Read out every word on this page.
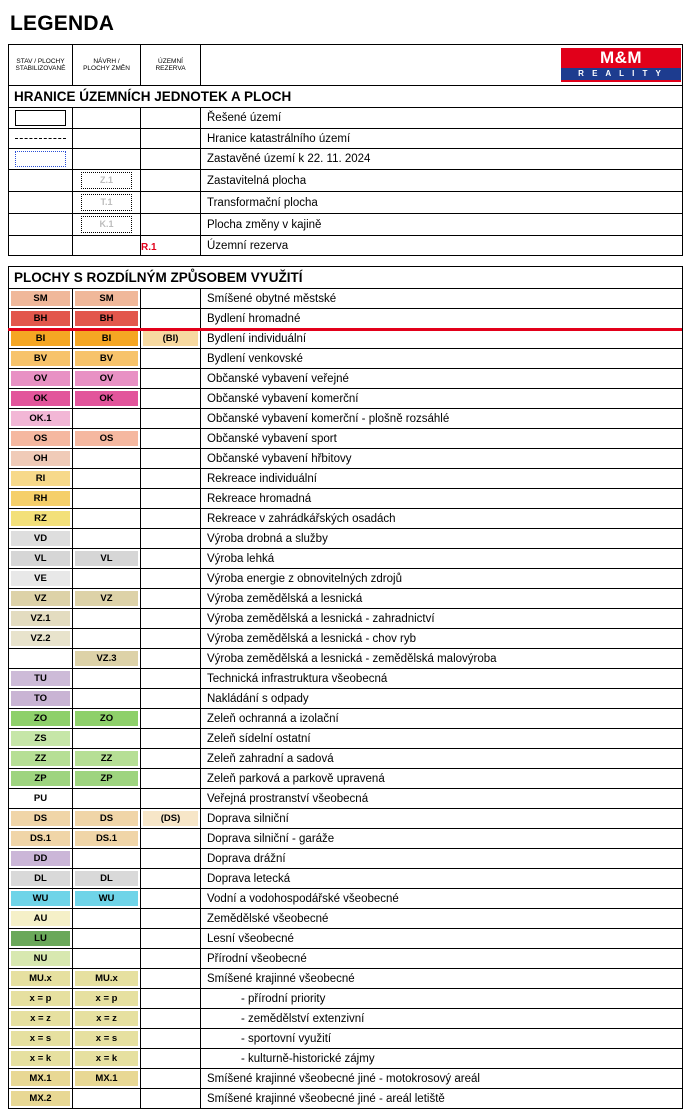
LEGENDA
STAV / PLOCHY
STABILIZOVANÉ

NÁVRH /
PLOCHY ZMĚN

ÚZEMNÍ
REZERVA

M&M
R E A L I T Y

HRANICE ÚZEMNÍCH JEDNOTEK A PLOCH			

			Řešené území

			Hranice katastrálního území

			Zastavěné území k 22. 11. 2024

	Z.1		Zastavitelná plocha

	T.1		Transformační plocha

	K.1		Plocha změny v kajině
		R.1	Územní rezerva
PLOCHY S ROZDÍLNÝM ZPŮSOBEM VYUŽITÍ			

SM	SM		Smíšené obytné městské

BH	BH		Bydlení hromadné

BI	BI	(BI)	Bydlení individuální

BV	BV		Bydlení venkovské

OV	OV		Občanské vybavení veřejné

OK	OK		Občanské vybavení komerční

OK.1			Občanské vybavení komerční - plošně rozsáhlé

OS	OS		Občanské vybavení sport

OH			Občanské vybavení hřbitovy

RI			Rekreace individuální

RH			Rekreace hromadná

RZ			Rekreace v zahrádkářských osadách

VD			Výroba drobná a služby

VL	VL		Výroba lehká

VE			Výroba energie z obnovitelných zdrojů

VZ	VZ		Výroba zemědělská a lesnická

VZ.1			Výroba zemědělská a lesnická - zahradnictví

VZ.2			Výroba zemědělská a lesnická - chov ryb

	VZ.3		Výroba zemědělská a lesnická - zemědělská malovýroba

TU			Technická infrastruktura všeobecná

TO			Nakládání s odpady

ZO	ZO		Zeleň ochranná a izolační

ZS			Zeleň sídelní ostatní

ZZ	ZZ		Zeleň zahradní a sadová

ZP	ZP		Zeleň parková a parkově upravená

PU			Veřejná prostranství všeobecná

DS	DS	(DS)	Doprava silniční

DS.1	DS.1		Doprava silniční - garáže

DD			Doprava drážní

DL	DL		Doprava letecká

WU	WU		Vodní a vodohospodářské všeobecné

AU			Zemědělské všeobecné

LU			Lesní všeobecné

NU			Přírodní všeobecné

MU.x	MU.x		Smíšené krajinné všeobecné

x = p	x = p		- přírodní priority

x = z	x = z		- zemědělství extenzivní

x = s	x = s		- sportovní využití

x = k	x = k		- kulturně-historické zájmy

MX.1	MX.1		Smíšené krajinné všeobecné jiné - motokrosový areál

MX.2			Smíšené krajinné všeobecné jiné - areál letiště
